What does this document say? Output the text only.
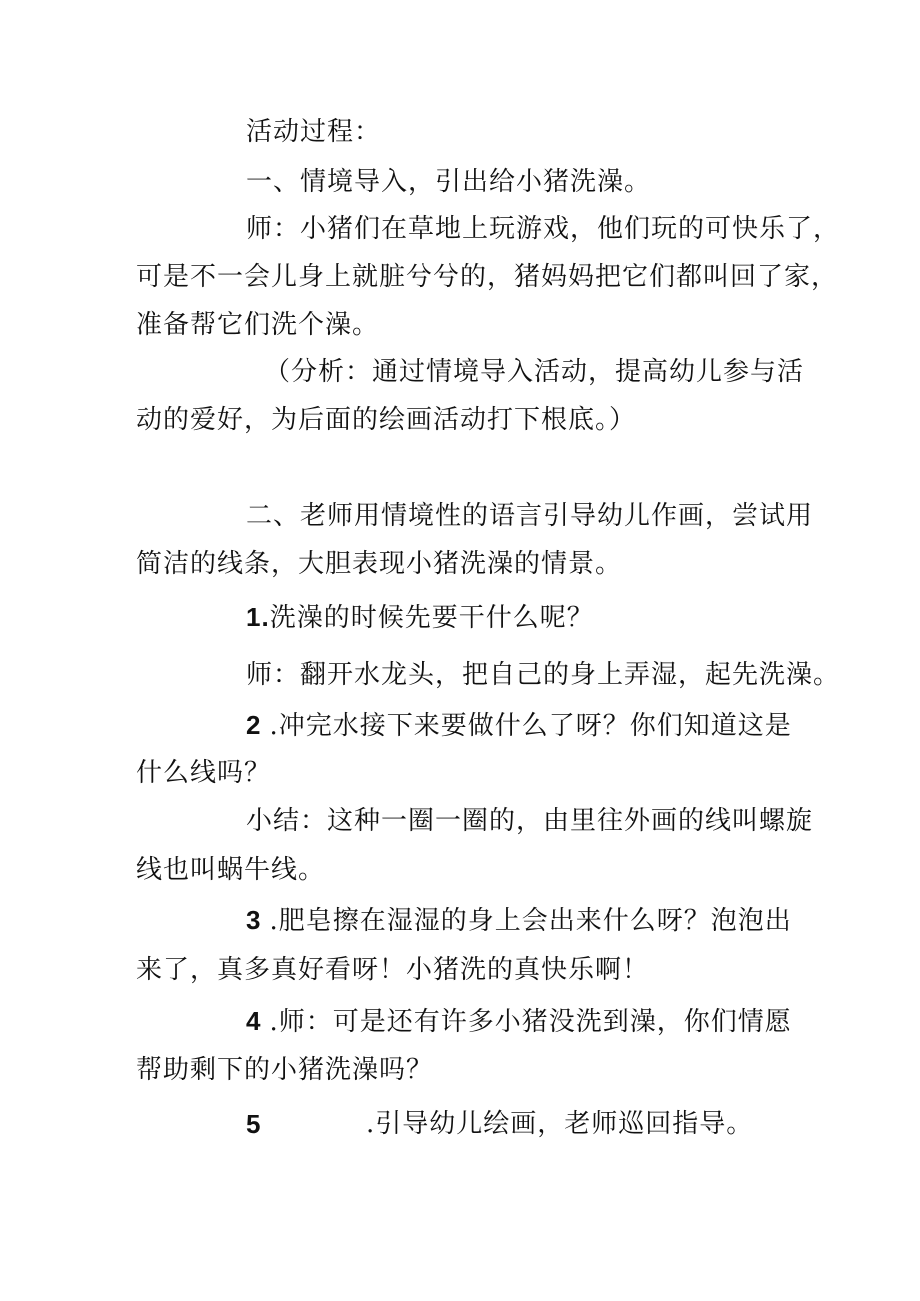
活动过程：
一、情境导入，引出给小猪洗澡。
师：小猪们在草地上玩游戏，他们玩的可快乐了，
可是不一会儿身上就脏兮兮的，猪妈妈把它们都叫回了家，
准备帮它们洗个澡。
（分析：通过情境导入活动，提高幼儿参与活
动的爱好，为后面的绘画活动打下根底。）
二、老师用情境性的语言引导幼儿作画，尝试用
简洁的线条，大胆表现小猪洗澡的情景。
1.洗澡的时候先要干什么呢？
师：翻开水龙头，把自己的身上弄湿，起先洗澡。
2 .冲完水接下来要做什么了呀？你们知道这是
什么线吗？
小结：这种一圈一圈的，由里往外画的线叫螺旋
线也叫蜗牛线。
3 .肥皂擦在湿湿的身上会出来什么呀？泡泡出
来了，真多真好看呀！小猪洗的真快乐啊！
4 .师：可是还有许多小猪没洗到澡，你们情愿
帮助剩下的小猪洗澡吗？
5	.引导幼儿绘画，老师巡回指导。
